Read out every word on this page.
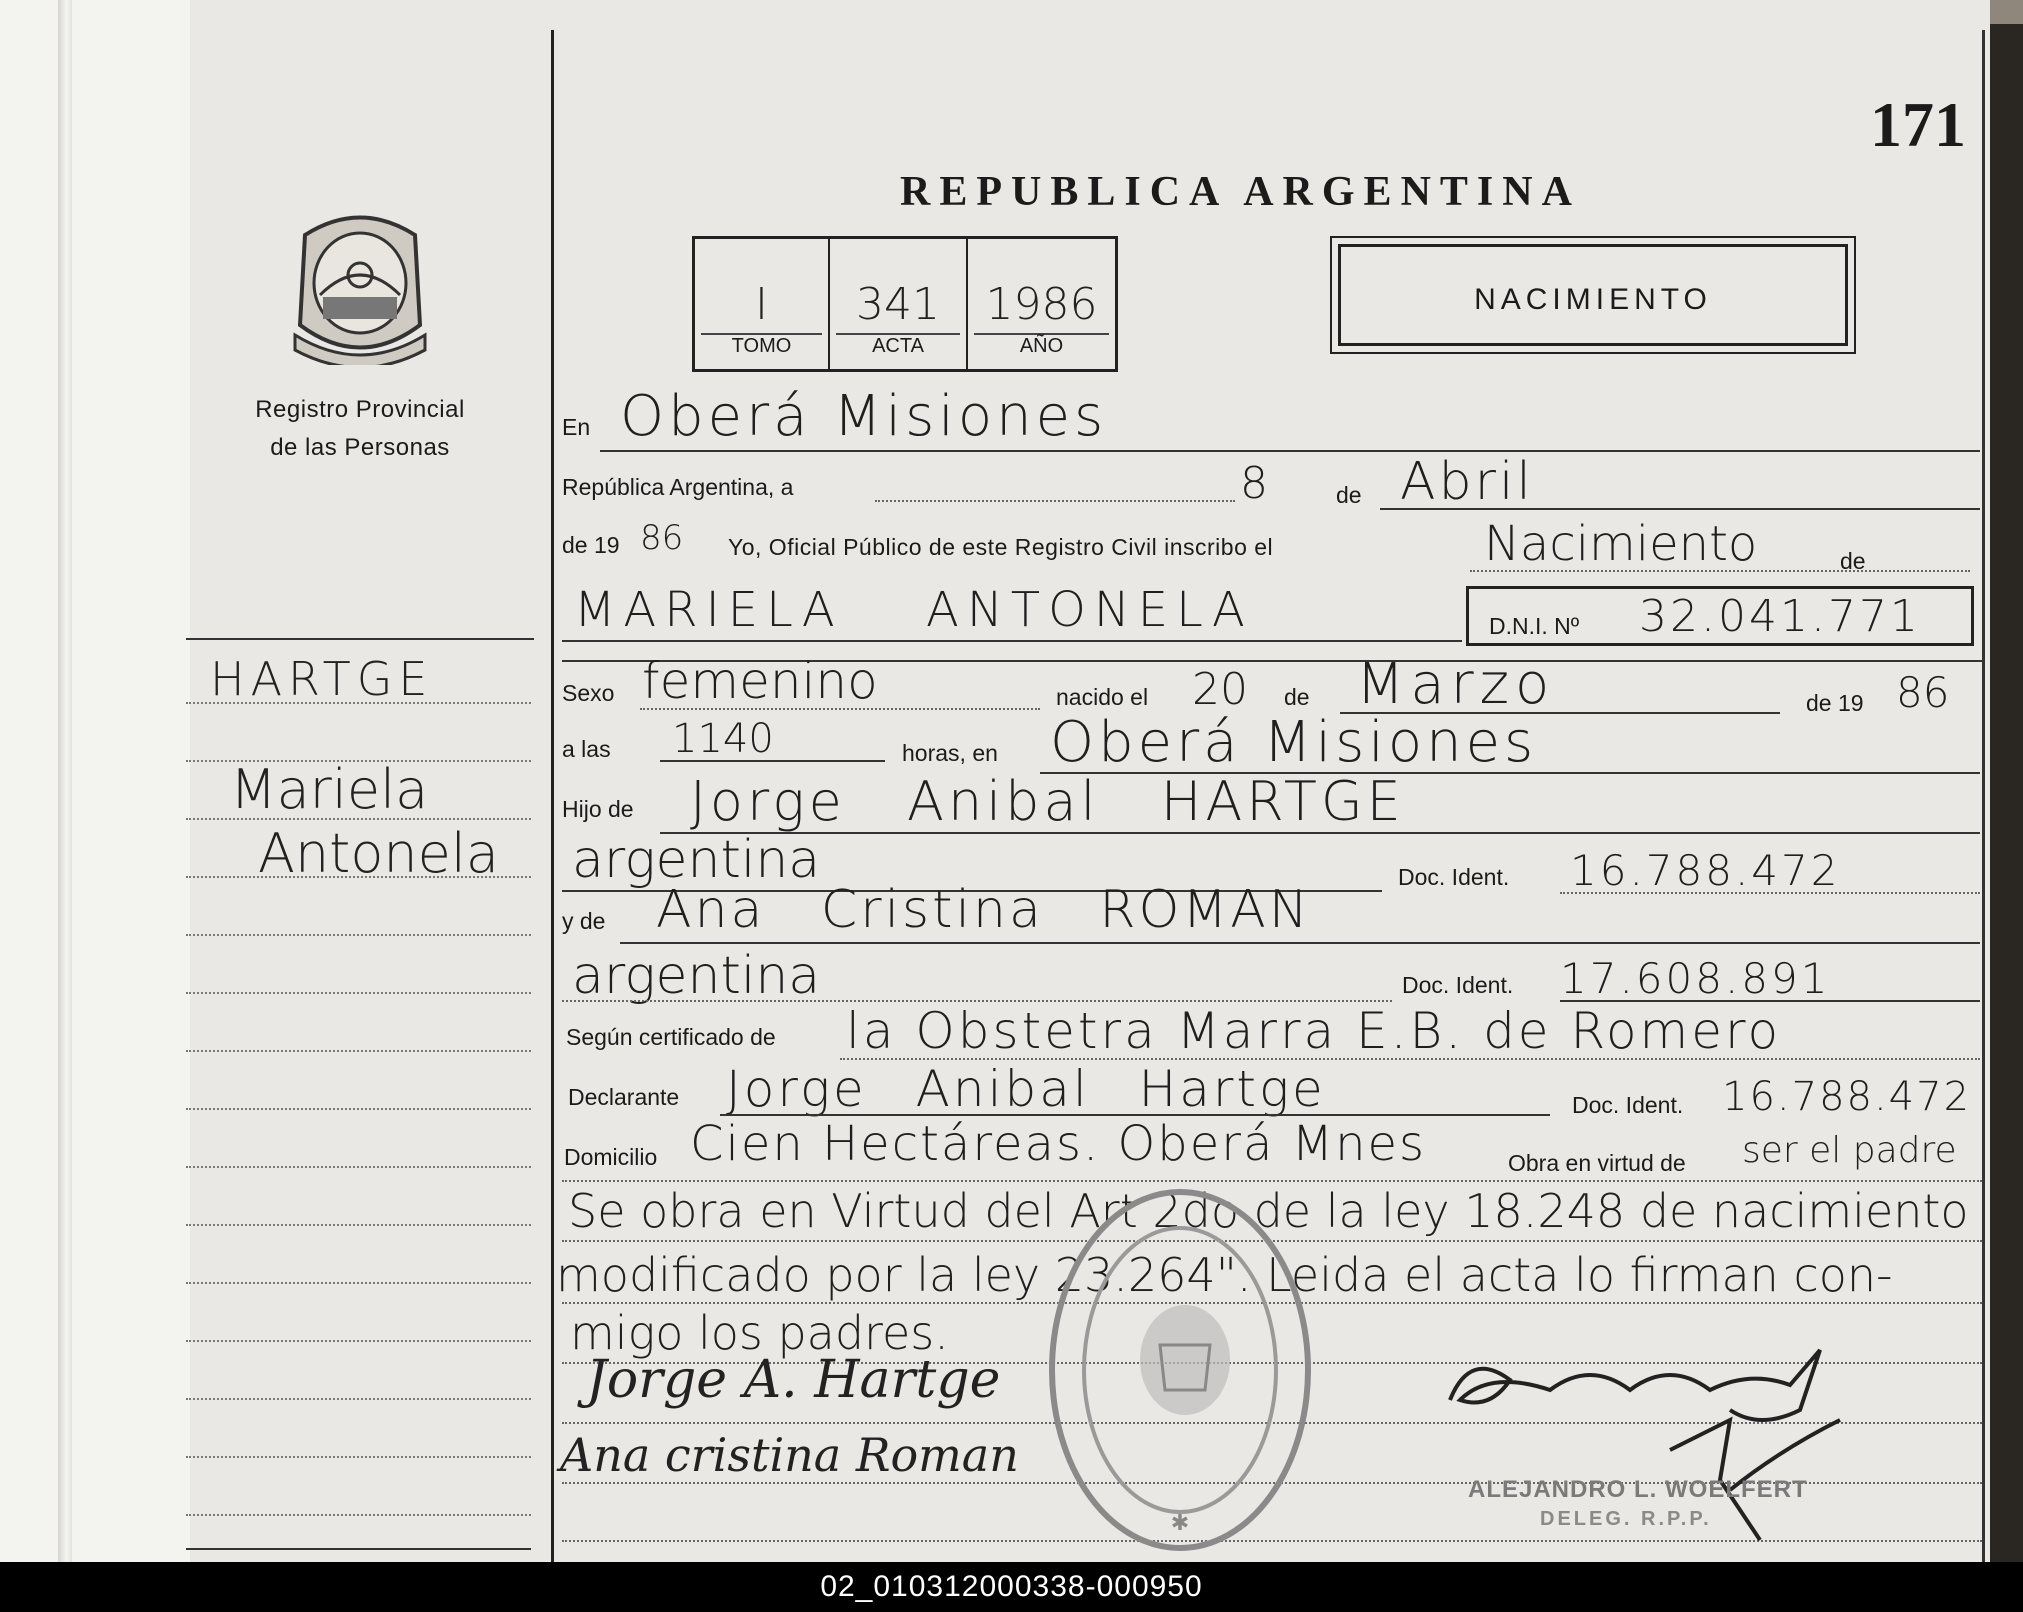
Registro Provincial
de las Personas
HARTGE
Mariela
Antonela
171
REPUBLICA ARGENTINA
I
TOMO
341
ACTA
1986
AÑO
NACIMIENTO
En Oberá Misiones
República Argentina, a	8	de Abril
de 19 86 Yo, Oficial Público de este Registro Civil inscribo el	Nacimiento	de
MARIELA ANTONELA	D.N.I. Nº 32.041.771
Sexo femenino	nacido el 20 de Marzo	de 19 86
a las 1140	horas, en Oberá Misiones
Hijo de Jorge Anibal HARTGE
argentina	Doc. Ident. 16.788.472
y de Ana Cristina ROMAN
argentina	Doc. Ident. 17.608.891
Según certificado de la Obstetra Marra E.B. de Romero
Declarante Jorge Anibal Hartge	Doc. Ident. 16.788.472
Domicilio Cien Hectáreas. Oberá Mnes	Obra en virtud de ser el padre
Se obra en Virtud del Art 2do de la ley 18.248 de nacimiento
modificado por la ley 23.264". Leida el acta lo firman con-
migo los padres.
✱
Jorge A. Hartge
Ana cristina Roman
ALEJANDRO L. WOELFERT
DELEG. R.P.P.
02_010312000338-000950
